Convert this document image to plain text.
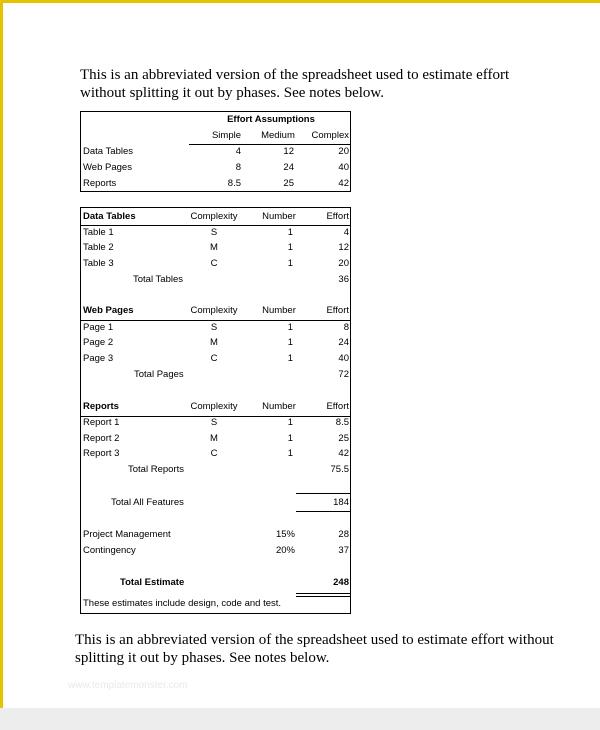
This is an abbreviated version of the spreadsheet used to estimate effort without splitting it out by phases. See notes below.

Effort Assumptions
Simple	Medium	Complex
Data Tables	4	12	20
Web Pages	8	24	40
Reports	8.5	25	42
Data Tables	Complexity	Number	Effort
Table 1	S	1	4
Table 2	M	1	12
Table 3	C	1	20
Total Tables	36
Web Pages	Complexity	Number	Effort
Page 1	S	1	8
Page 2	M	1	24
Page 3	C	1	40
Total Pages	72
Reports	Complexity	Number	Effort
Report 1	S	1	8.5
Report 2	M	1	25
Report 3	C	1	42
Total Reports	75.5
Total All Features	184
Project Management	15%	28
Contingency	20%	37
Total Estimate	248
These estimates include design, code and test.

This is an abbreviated version of the spreadsheet used to estimate effort without splitting it out by phases. See notes below.

www.templatemonster.com
